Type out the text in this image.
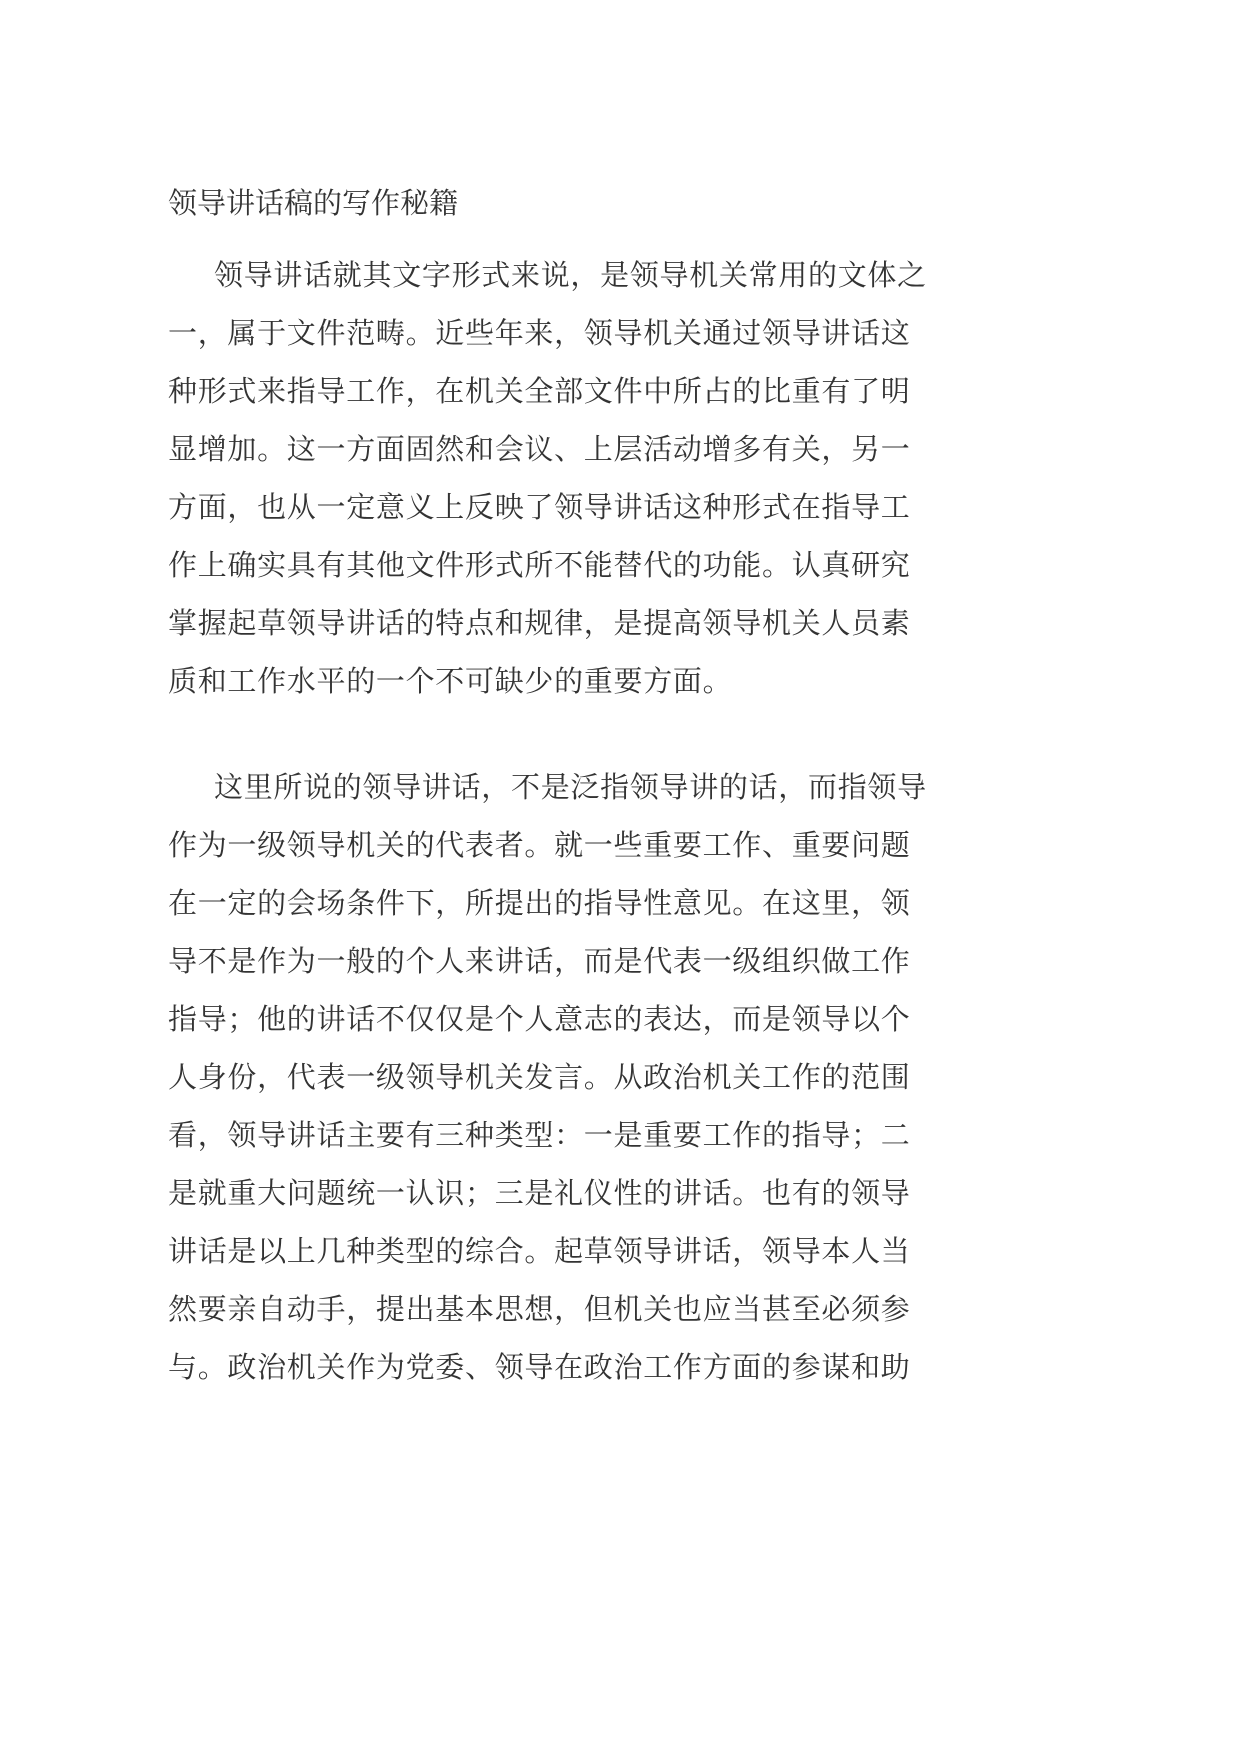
领导讲话稿的写作秘籍
领导讲话就其文字形式来说，是领导机关常用的文体之
一，属于文件范畴。近些年来，领导机关通过领导讲话这
种形式来指导工作，在机关全部文件中所占的比重有了明
显增加。这一方面固然和会议、上层活动增多有关，另一
方面，也从一定意义上反映了领导讲话这种形式在指导工
作上确实具有其他文件形式所不能替代的功能。认真研究
掌握起草领导讲话的特点和规律，是提高领导机关人员素
质和工作水平的一个不可缺少的重要方面。
这里所说的领导讲话，不是泛指领导讲的话，而指领导
作为一级领导机关的代表者。就一些重要工作、重要问题
在一定的会场条件下，所提出的指导性意见。在这里，领
导不是作为一般的个人来讲话，而是代表一级组织做工作
指导；他的讲话不仅仅是个人意志的表达，而是领导以个
人身份，代表一级领导机关发言。从政治机关工作的范围
看，领导讲话主要有三种类型：一是重要工作的指导；二
是就重大问题统一认识；三是礼仪性的讲话。也有的领导
讲话是以上几种类型的综合。起草领导讲话，领导本人当
然要亲自动手，提出基本思想，但机关也应当甚至必须参
与。政治机关作为党委、领导在政治工作方面的参谋和助
